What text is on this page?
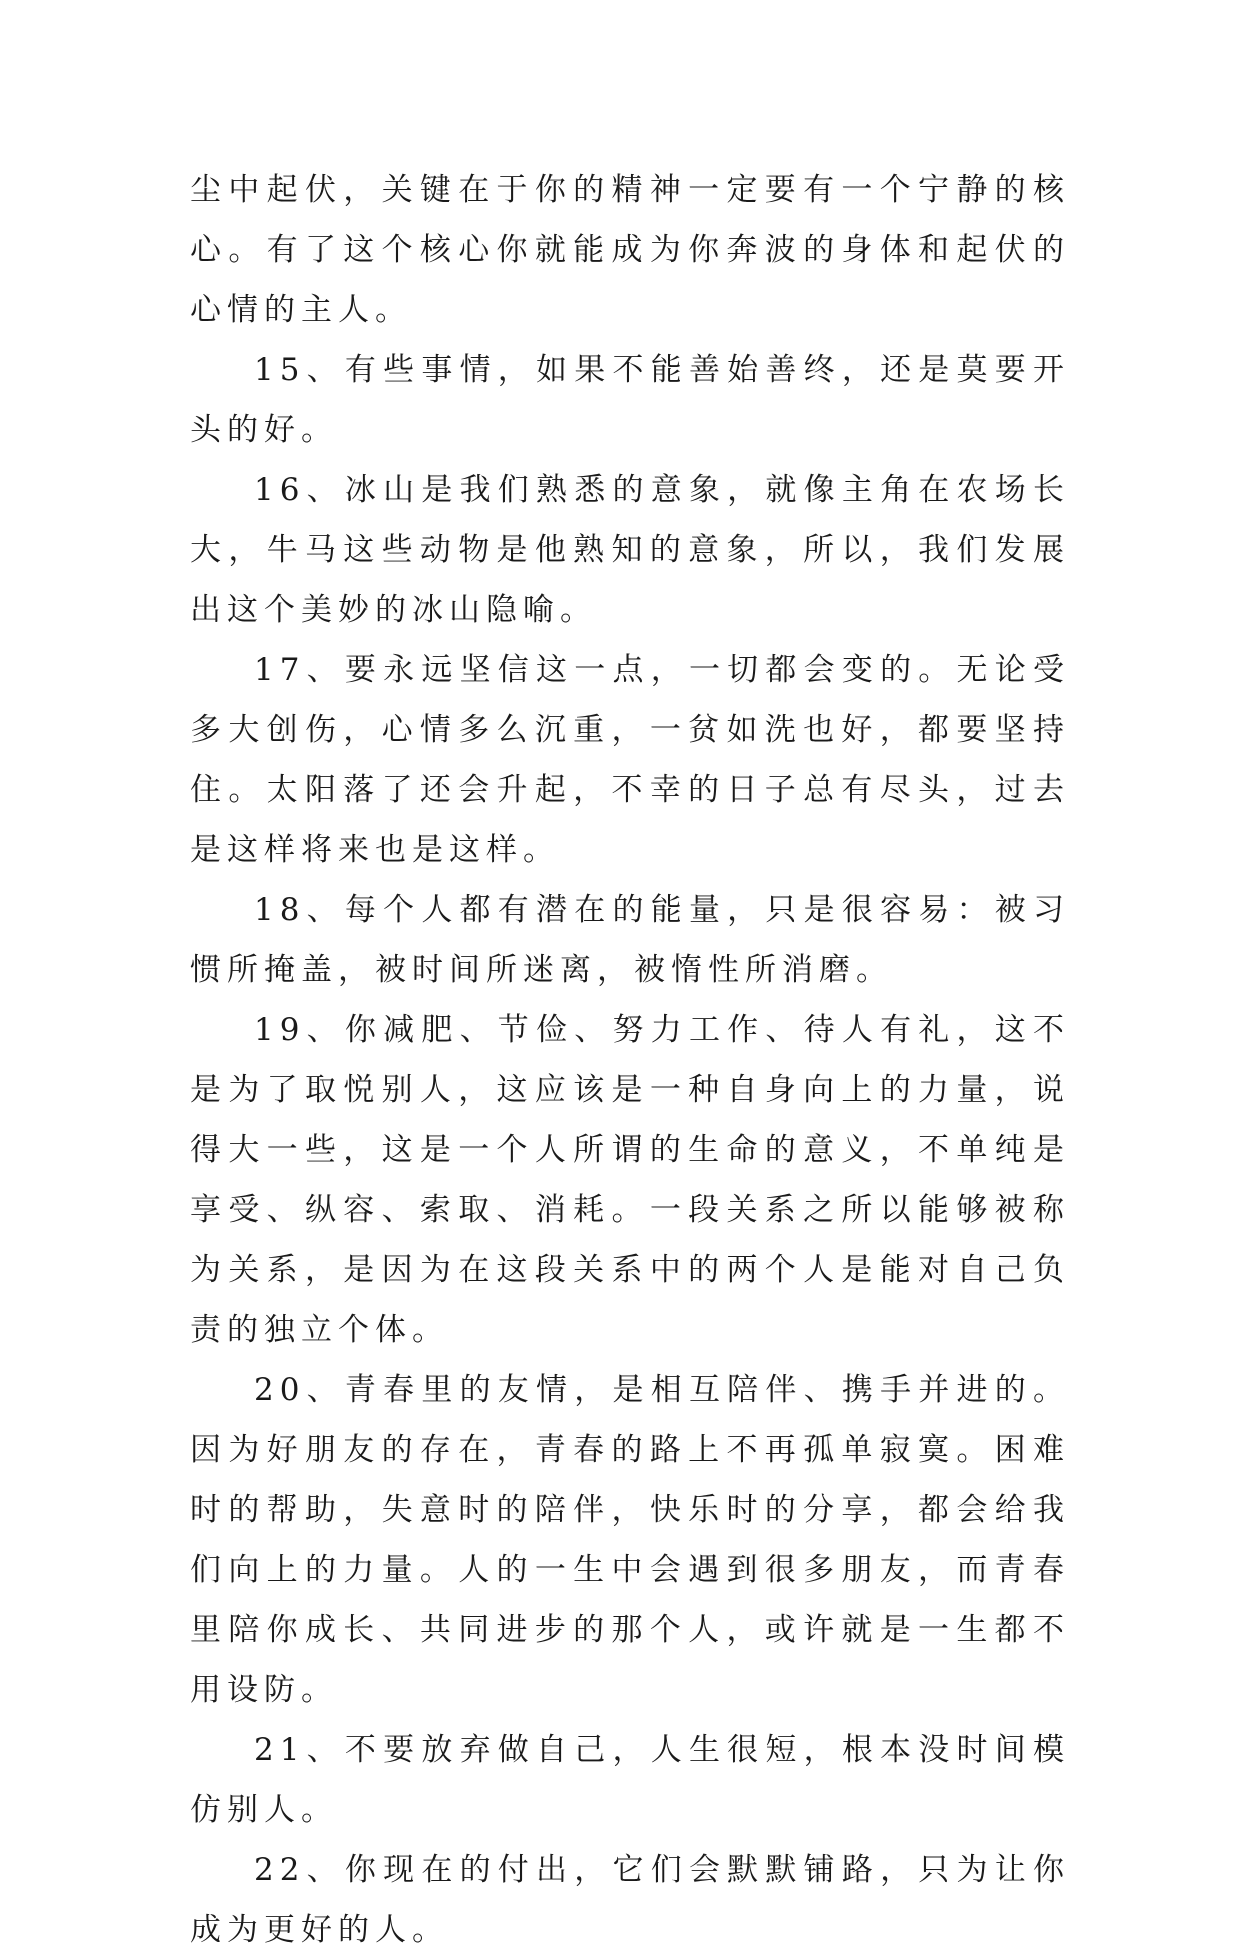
尘中起伏，关键在于你的精神一定要有一个宁静的核心。有了这个核心你就能成为你奔波的身体和起伏的心情的主人。

15、有些事情，如果不能善始善终，还是莫要开头的好。

16、冰山是我们熟悉的意象，就像主角在农场长大，牛马这些动物是他熟知的意象，所以，我们发展出这个美妙的冰山隐喻。

17、要永远坚信这一点，一切都会变的。无论受多大创伤，心情多么沉重，一贫如洗也好，都要坚持住。太阳落了还会升起，不幸的日子总有尽头，过去是这样将来也是这样。

18、每个人都有潜在的能量，只是很容易：被习惯所掩盖，被时间所迷离，被惰性所消磨。

19、你减肥、节俭、努力工作、待人有礼，这不是为了取悦别人，这应该是一种自身向上的力量，说得大一些，这是一个人所谓的生命的意义，不单纯是享受、纵容、索取、消耗。一段关系之所以能够被称为关系，是因为在这段关系中的两个人是能对自己负责的独立个体。

20、青春里的友情，是相互陪伴、携手并进的。因为好朋友的存在，青春的路上不再孤单寂寞。困难时的帮助，失意时的陪伴，快乐时的分享，都会给我们向上的力量。人的一生中会遇到很多朋友，而青春里陪你成长、共同进步的那个人，或许就是一生都不用设防。

21、不要放弃做自己，人生很短，根本没时间模仿别人。

22、你现在的付出，它们会默默铺路，只为让你成为更好的人。
